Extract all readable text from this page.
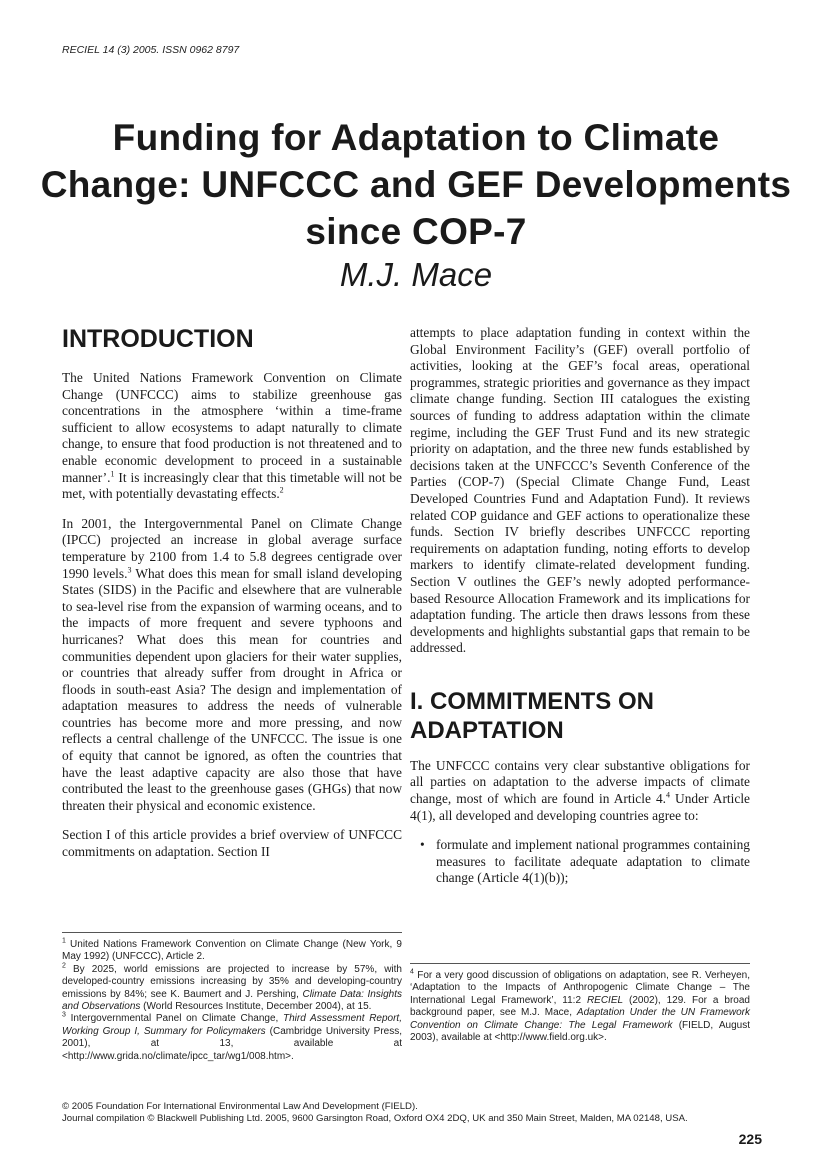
RECIEL 14 (3) 2005. ISSN 0962 8797
Funding for Adaptation to Climate
Change: UNFCCC and GEF Developments
since COP-7
M.J. Mace
INTRODUCTION

The United Nations Framework Convention on Climate Change (UNFCCC) aims to stabilize greenhouse gas concentrations in the atmosphere ‘within a time-frame sufficient to allow ecosystems to adapt naturally to climate change, to ensure that food production is not threatened and to enable economic development to proceed in a sustainable manner’.$^1$ It is increasingly clear that this timetable will not be met, with potentially devastating effects.$^2$

In 2001, the Intergovernmental Panel on Climate Change (IPCC) projected an increase in global average surface temperature by 2100 from 1.4 to 5.8 degrees centigrade over 1990 levels.$^3$ What does this mean for small island developing States (SIDS) in the Pacific and elsewhere that are vulnerable to sea-level rise from the expansion of warming oceans, and to the impacts of more frequent and severe typhoons and hurricanes? What does this mean for countries and communities dependent upon glaciers for their water supplies, or countries that already suffer from drought in Africa or floods in south-east Asia? The design and implementation of adaptation measures to address the needs of vulnerable countries has become more and more pressing, and now reflects a central challenge of the UNFCCC. The issue is one of equity that cannot be ignored, as often the countries that have the least adaptive capacity are also those that have contributed the least to the greenhouse gases (GHGs) that now threaten their physical and economic existence.

Section I of this article provides a brief overview of UNFCCC commitments on adaptation. Section II

attempts to place adaptation funding in context within the Global Environment Facility’s (GEF) overall portfolio of activities, looking at the GEF’s focal areas, operational programmes, strategic priorities and governance as they impact climate change funding. Section III catalogues the existing sources of funding to address adaptation within the climate regime, including the GEF Trust Fund and its new strategic priority on adaptation, and the three new funds established by decisions taken at the UNFCCC’s Seventh Conference of the Parties (COP-7) (Special Climate Change Fund, Least Developed Countries Fund and Adaptation Fund). It reviews related COP guidance and GEF actions to operationalize these funds. Section IV briefly describes UNFCCC reporting requirements on adaptation funding, noting efforts to develop markers to identify climate-related development funding. Section V outlines the GEF’s newly adopted performance-based Resource Allocation Framework and its implications for adaptation funding. The article then draws lessons from these developments and highlights substantial gaps that remain to be addressed.

I. COMMITMENTS ON
ADAPTATION

The UNFCCC contains very clear substantive obligations for all parties on adaptation to the adverse impacts of climate change, most of which are found in Article 4.$^4$ Under Article 4(1), all developed and developing countries agree to:

• formulate and implement national programmes containing measures to facilitate adequate adaptation to climate change (Article 4(1)(b));

$^1$ United Nations Framework Convention on Climate Change (New York, 9 May 1992) (UNFCCC), Article 2.

$^2$ By 2025, world emissions are projected to increase by 57%, with developed-country emissions increasing by 35% and developing-country emissions by 84%; see K. Baumert and J. Pershing, Climate Data: Insights and Observations (World Resources Institute, December 2004), at 15.

$^3$ Intergovernmental Panel on Climate Change, Third Assessment Report, Working Group I, Summary for Policymakers (Cambridge University Press, 2001), at 13, available at <http://www.grida.no/climate/ipcc_tar/wg1/008.htm>.

$^4$ For a very good discussion of obligations on adaptation, see R. Verheyen, ‘Adaptation to the Impacts of Anthropogenic Climate Change – The International Legal Framework’, 11:2 RECIEL (2002), 129. For a broad background paper, see M.J. Mace, Adaptation Under the UN Framework Convention on Climate Change: The Legal Framework (FIELD, August 2003), available at <http://www.field.org.uk>.

© 2005 Foundation For International Environmental Law And Development (FIELD).
Journal compilation © Blackwell Publishing Ltd. 2005, 9600 Garsington Road, Oxford OX4 2DQ, UK and 350 Main Street, Malden, MA 02148, USA.
225
